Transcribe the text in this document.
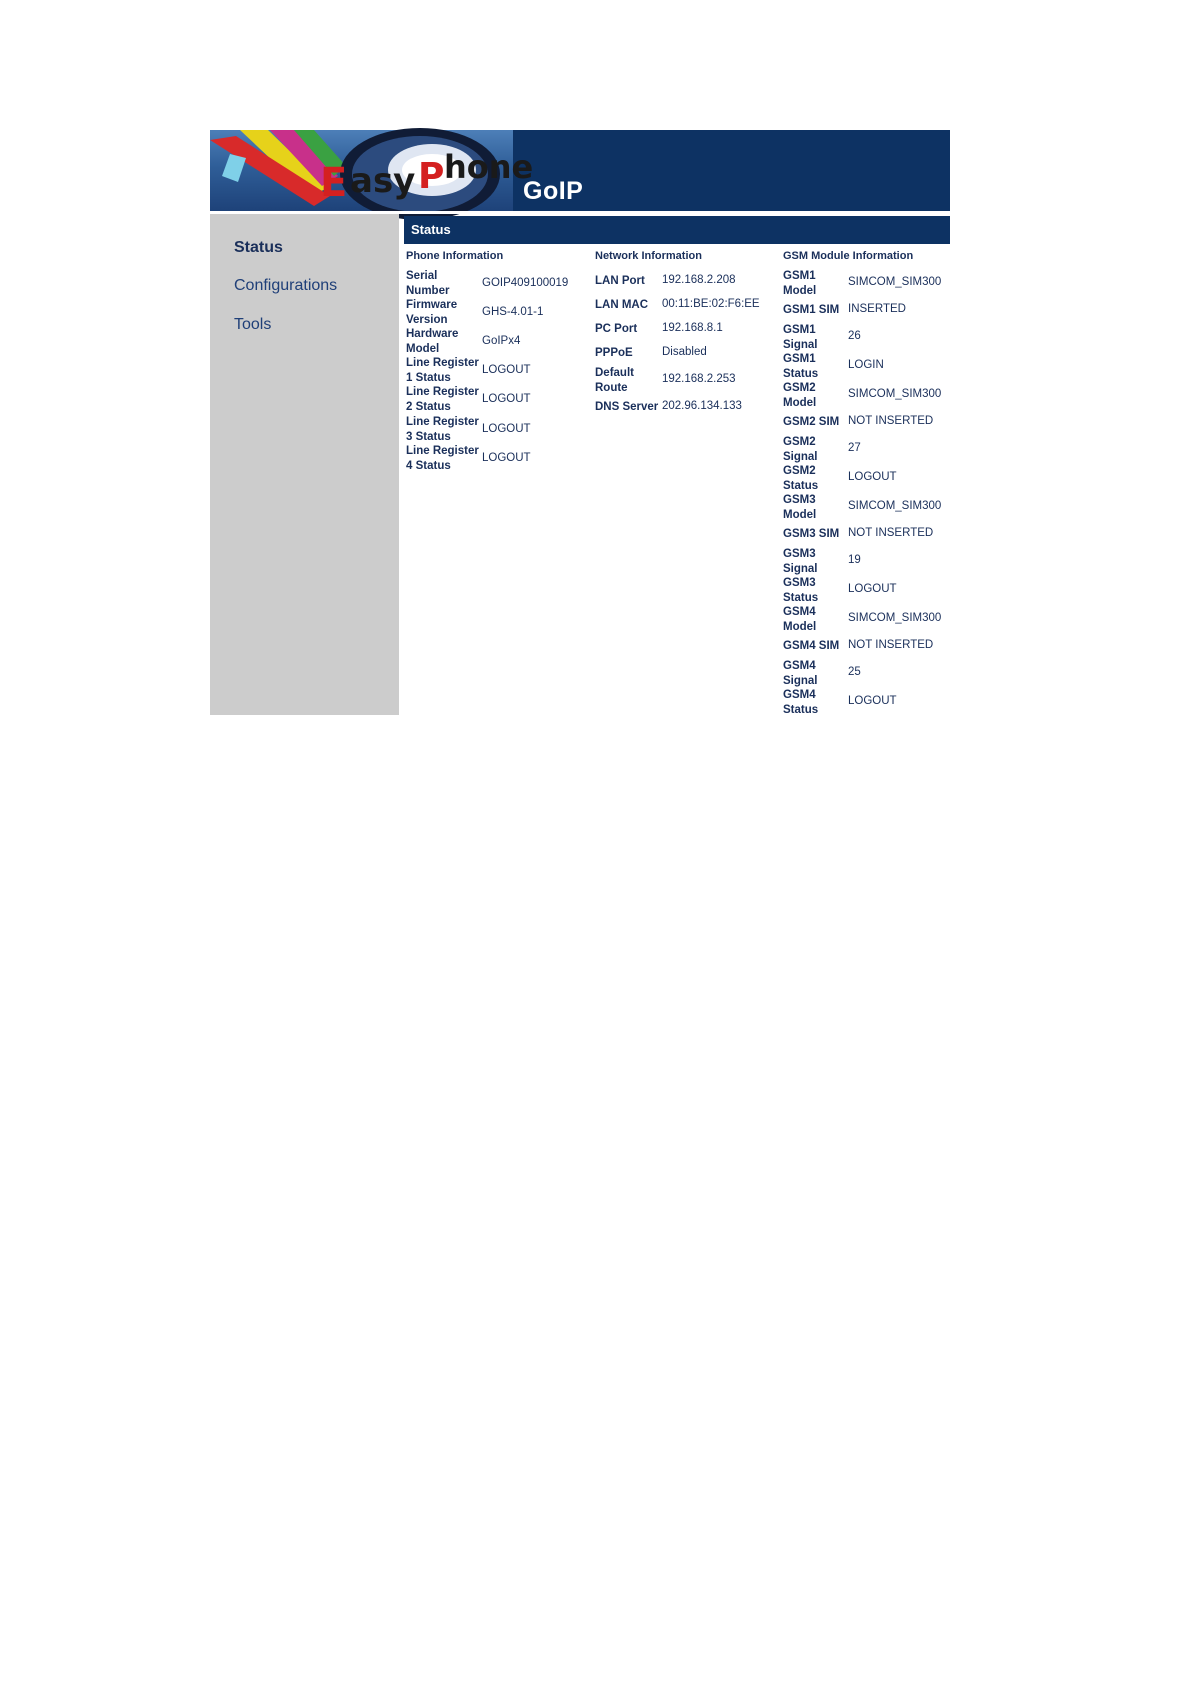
E asy P hone
GoIP
Status
Configurations
Tools
Status
Phone Information
Serial
Number
GOIP409100019
Firmware
Version
GHS-4.01-1
Hardware
Model
GoIPx4
Line Register
1 Status
LOGOUT
Line Register
2 Status
LOGOUT
Line Register
3 Status
LOGOUT
Line Register
4 Status
LOGOUT
Network Information
LAN Port 192.168.2.208
LAN MAC 00:11:BE:02:F6:EE
PC Port 192.168.8.1
PPPoE	Disabled
Default
Route
192.168.2.253
DNS Server 202.96.134.133
GSM Module Information
GSM1
Model
SIMCOM_SIM300
GSM1 SIM INSERTED
GSM1
Signal
26
GSM1
Status
LOGIN
GSM2
Model
SIMCOM_SIM300
GSM2 SIM NOT INSERTED
GSM2
Signal
27
GSM2
Status
LOGOUT
GSM3
Model
SIMCOM_SIM300
GSM3 SIM NOT INSERTED
GSM3
Signal
19
GSM3
Status
LOGOUT
GSM4
Model
SIMCOM_SIM300
GSM4 SIM NOT INSERTED
GSM4
Signal
25
GSM4
Status
LOGOUT
